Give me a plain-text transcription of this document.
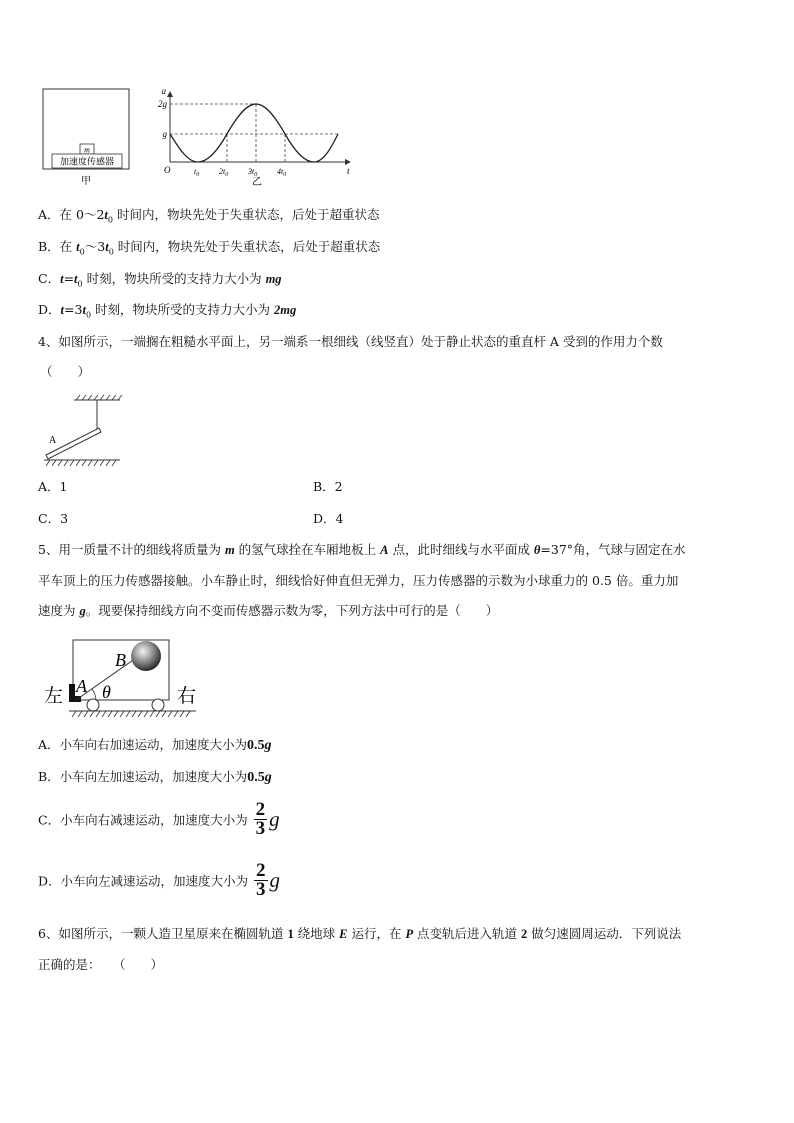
m
加速度传感器
甲
a
t
O
2g
g
$t_0$ $2t_0$ $3t_0$ $4t_0$
乙
A．在 $0\sim 2t_0$ 时间内，物块先处于失重状态，后处于超重状态
B．在 $t_0\sim 3t_0$ 时间内，物块先处于失重状态，后处于超重状态
C．$t=t_0$ 时刻，物块所受的支持力大小为 mg
D．$t=3t_0$ 时刻，物块所受的支持力大小为 2mg
4、如图所示，一端搁在粗糙水平面上，另一端系一根细线（线竖直）处于静止状态的重直杆 A 受到的作用力个数
（　　）
A
A．1	B．2
C．3	D．4
5、用一质量不计的细线将质量为 m 的氢气球拴在车厢地板上 A 点，此时细线与水平面成 θ=37°角，气球与固定在水
平车顶上的压力传感器接触。小车静止时，细线恰好伸直但无弹力，压力传感器的示数为小球重力的 0.5 倍。重力加
速度为 g。现要保持细线方向不变而传感器示数为零，下列方法中可行的是（　　）
左	右
B
A θ
A．小车向右加速运动，加速度大小为0.5g
B．小车向左加速运动，加速度大小为0.5g
C．小车向右减速运动，加速度大小为 $\frac{2}{3}$ g
D．小车向左减速运动，加速度大小为 $\frac{2}{3}$ g
6、如图所示，一颗人造卫星原来在椭圆轨道 1 绕地球 E 运行，在 P 点变轨后进入轨道 2 做匀速圆周运动．下列说法
正确的是：　　（　　）
